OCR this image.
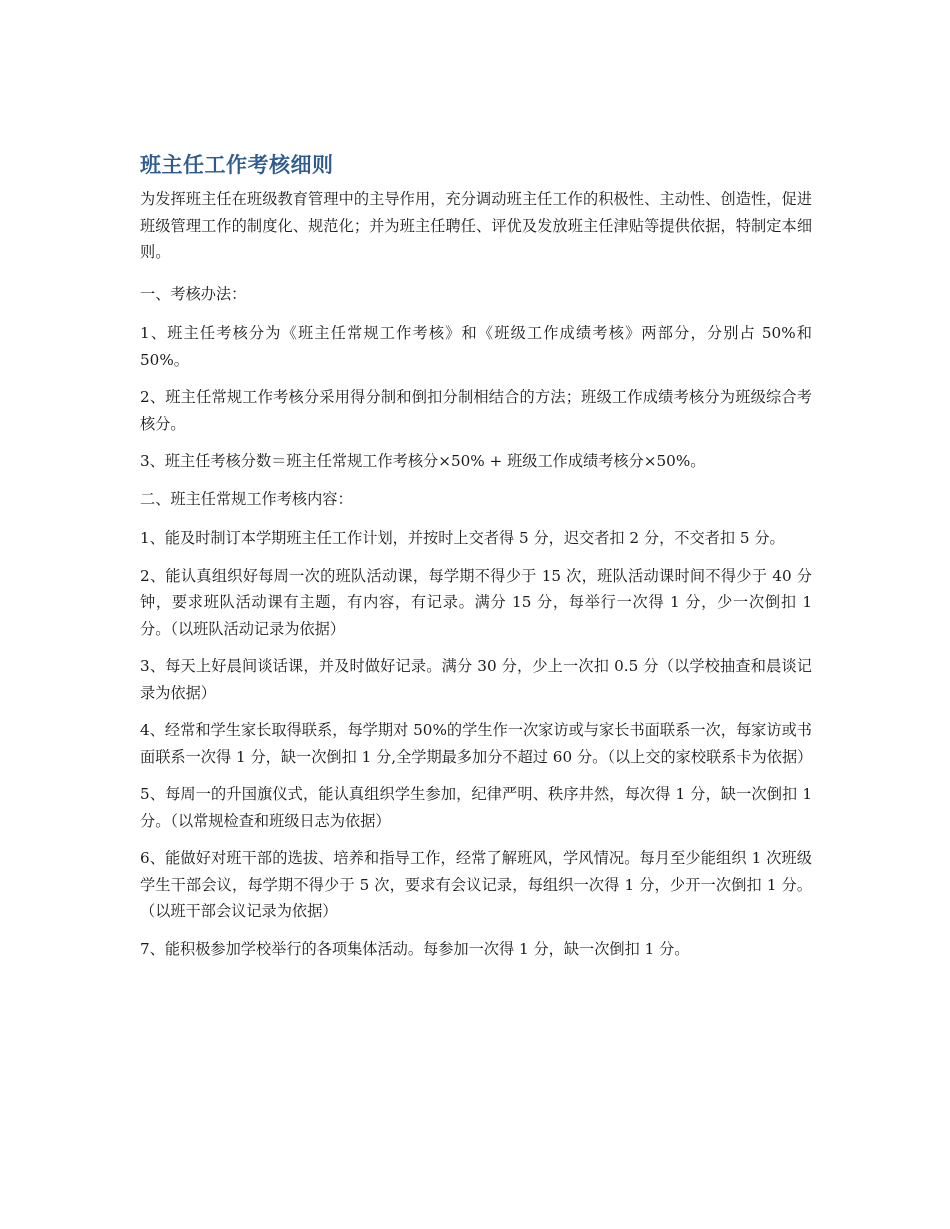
班主任工作考核细则

为发挥班主任在班级教育管理中的主导作用，充分调动班主任工作的积极性、主动性、创造性，促进班级管理工作的制度化、规范化；并为班主任聘任、评优及发放班主任津贴等提供依据，特制定本细则。

一、考核办法：

1、班主任考核分为《班主任常规工作考核》和《班级工作成绩考核》两部分，分别占 50%和 50%。

2、班主任常规工作考核分采用得分制和倒扣分制相结合的方法；班级工作成绩考核分为班级综合考核分。

3、班主任考核分数＝班主任常规工作考核分×50% + 班级工作成绩考核分×50%。

二、班主任常规工作考核内容：

1、能及时制订本学期班主任工作计划，并按时上交者得 5 分，迟交者扣 2 分，不交者扣 5 分。

2、能认真组织好每周一次的班队活动课，每学期不得少于 15 次，班队活动课时间不得少于 40 分钟，要求班队活动课有主题，有内容，有记录。满分 15 分，每举行一次得 1 分，少一次倒扣 1 分。（以班队活动记录为依据）

3、每天上好晨间谈话课，并及时做好记录。满分 30 分，少上一次扣 0.5 分（以学校抽查和晨谈记录为依据）

4、经常和学生家长取得联系，每学期对 50%的学生作一次家访或与家长书面联系一次，每家访或书面联系一次得 1 分，缺一次倒扣 1 分,全学期最多加分不超过 60 分。（以上交的家校联系卡为依据）

5、每周一的升国旗仪式，能认真组织学生参加，纪律严明、秩序井然，每次得 1 分，缺一次倒扣 1 分。（以常规检查和班级日志为依据）

6、能做好对班干部的选拔、培养和指导工作，经常了解班风，学风情况。每月至少能组织 1 次班级学生干部会议，每学期不得少于 5 次，要求有会议记录，每组织一次得 1 分，少开一次倒扣 1 分。（以班干部会议记录为依据）

7、能积极参加学校举行的各项集体活动。每参加一次得 1 分，缺一次倒扣 1 分。
